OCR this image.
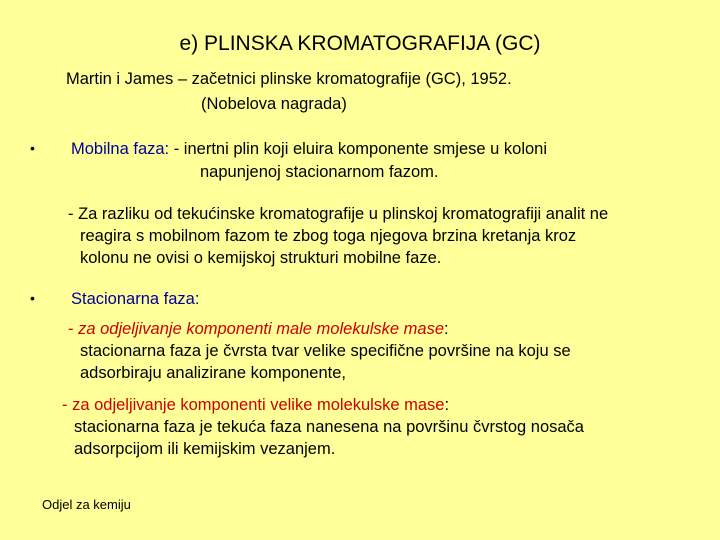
e) PLINSKA KROMATOGRAFIJA (GC)
Martin i James – začetnici plinske kromatografije (GC), 1952.
(Nobelova nagrada)
• Mobilna faza: - inertni plin koji eluira komponente smjese u koloni
napunjenoj stacionarnom fazom.
- Za razliku od tekućinske kromatografije u plinskoj kromatografiji analit ne
reagira s mobilnom fazom te zbog toga njegova brzina kretanja kroz
kolonu ne ovisi o kemijskoj strukturi mobilne faze.
• Stacionarna faza:
- za odjeljivanje komponenti male molekulske mase:
stacionarna faza je čvrsta tvar velike specifične površine na koju se
adsorbiraju analizirane komponente,
- za odjeljivanje komponenti velike molekulske mase:
stacionarna faza je tekuća faza nanesena na površinu čvrstog nosača
adsorpcijom ili kemijskim vezanjem.
Odjel za kemiju
